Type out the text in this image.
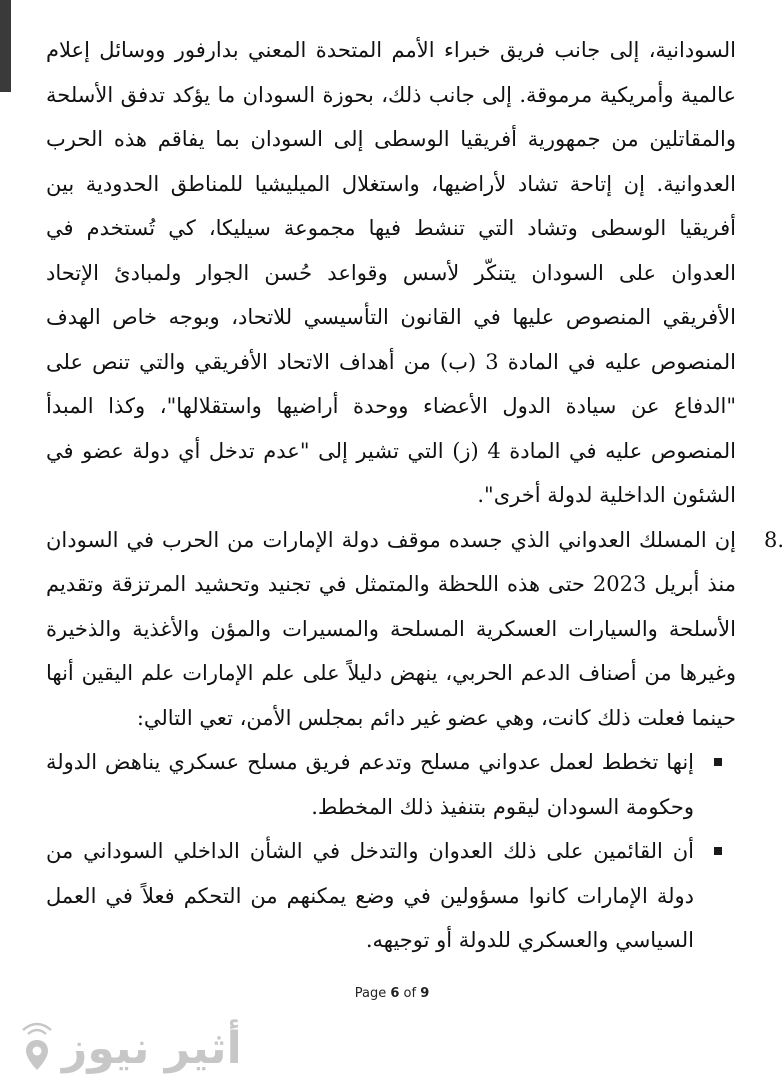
السودانية، إلى جانب فريق خبراء الأمم المتحدة المعني بدارفور ووسائل إعلام عالمية وأمريكية مرموقة. إلى جانب ذلك، بحوزة السودان ما يؤكد تدفق الأسلحة والمقاتلين من جمهورية أفريقيا الوسطى إلى السودان بما يفاقم هذه الحرب العدوانية. إن إتاحة تشاد لأراضيها، واستغلال الميليشيا للمناطق الحدودية بين أفريقيا الوسطى وتشاد التي تنشط فيها مجموعة سيليكا، كي تُستخدم في العدوان على السودان يتنكّر لأسس وقواعد حُسن الجوار ولمبادئ الإتحاد الأفريقي المنصوص عليها في القانون التأسيسي للاتحاد، وبوجه خاص الهدف المنصوص عليه في المادة 3 (ب) من أهداف الاتحاد الأفريقي والتي تنص على "الدفاع عن سيادة الدول الأعضاء ووحدة أراضيها واستقلالها"، وكذا المبدأ المنصوص عليه في المادة 4 (ز) التي تشير إلى "عدم تدخل أي دولة عضو في الشئون الداخلية لدولة أخرى".

8.

إن المسلك العدواني الذي جسده موقف دولة الإمارات من الحرب في السودان منذ أبريل 2023 حتى هذه اللحظة والمتمثل في تجنيد وتحشيد المرتزقة وتقديم الأسلحة والسيارات العسكرية المسلحة والمسيرات والمؤن والأغذية والذخيرة وغيرها من أصناف الدعم الحربي، ينهض دليلاً على علم الإمارات علم اليقين أنها حينما فعلت ذلك كانت، وهي عضو غير دائم بمجلس الأمن، تعي التالي:

إنها تخطط لعمل عدواني مسلح وتدعم فريق مسلح عسكري يناهض الدولة وحكومة السودان ليقوم بتنفيذ ذلك المخطط.
أن القائمين على ذلك العدوان والتدخل في الشأن الداخلي السوداني من دولة الإمارات كانوا مسؤولين في وضع يمكنهم من التحكم فعلاً في العمل السياسي والعسكري للدولة أو توجيهه.
Page 6 of 9
أثير نيوز
